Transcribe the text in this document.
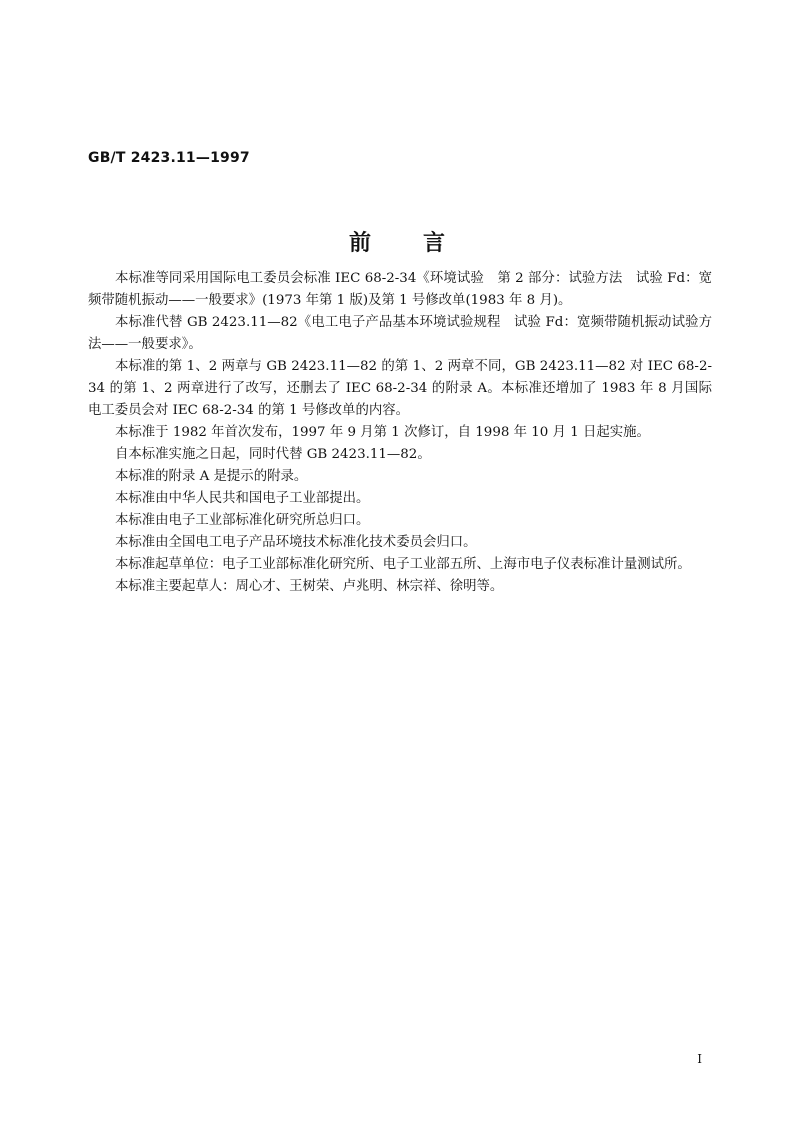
GB/T 2423.11—1997
前言

本标准等同采用国际电工委员会标准 IEC 68-2-34《环境试验　第 2 部分：试验方法　试验 Fd：宽频带随机振动——一般要求》(1973 年第 1 版)及第 1 号修改单(1983 年 8 月)。

本标准代替 GB 2423.11—82《电工电子产品基本环境试验规程　试验 Fd：宽频带随机振动试验方法——一般要求》。

本标准的第 1、2 两章与 GB 2423.11—82 的第 1、2 两章不同，GB 2423.11—82 对 IEC 68-2-34 的第 1、2 两章进行了改写，还删去了 IEC 68-2-34 的附录 A。本标准还增加了 1983 年 8 月国际电工委员会对 IEC 68-2-34 的第 1 号修改单的内容。

本标准于 1982 年首次发布，1997 年 9 月第 1 次修订，自 1998 年 10 月 1 日起实施。

自本标准实施之日起，同时代替 GB 2423.11—82。

本标准的附录 A 是提示的附录。

本标准由中华人民共和国电子工业部提出。

本标准由电子工业部标准化研究所总归口。

本标准由全国电工电子产品环境技术标准化技术委员会归口。

本标准起草单位：电子工业部标准化研究所、电子工业部五所、上海市电子仪表标准计量测试所。

本标准主要起草人：周心才、王树荣、卢兆明、林宗祥、徐明等。

I
